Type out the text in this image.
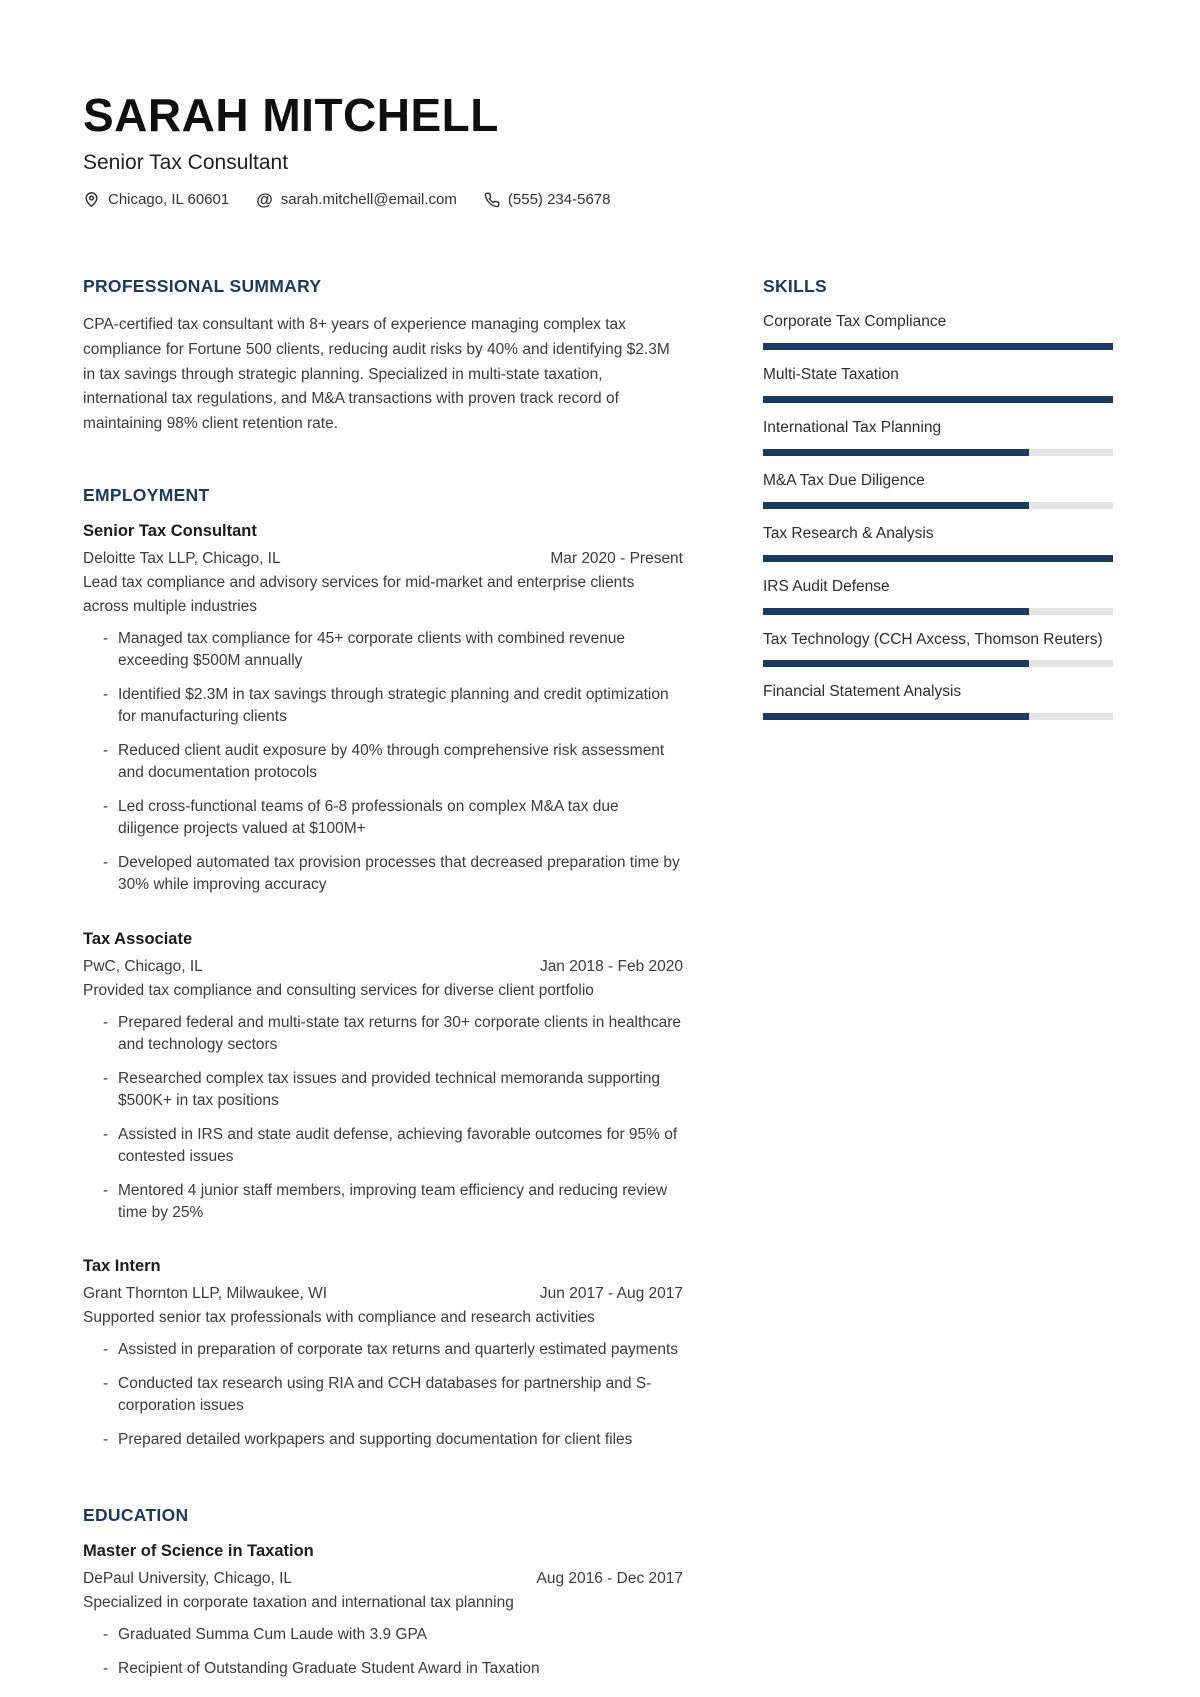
SARAH MITCHELL
Senior Tax Consultant
Chicago, IL 60601 @ sarah.mitchell@email.com	(555) 234-5678
PROFESSIONAL SUMMARY

CPA-certified tax consultant with 8+ years of experience managing complex tax compliance for Fortune 500 clients, reducing audit risks by 40% and identifying $2.3M in tax savings through strategic planning. Specialized in multi-state taxation, international tax regulations, and M&A transactions with proven track record of maintaining 98% client retention rate.

EMPLOYMENT
Senior Tax Consultant
Deloitte Tax LLP, Chicago, IL	Mar 2020 - Present
Lead tax compliance and advisory services for mid-market and enterprise clients across multiple industries
- Managed tax compliance for 45+ corporate clients with combined revenue exceeding $500M annually
- Identified $2.3M in tax savings through strategic planning and credit optimization for manufacturing clients
- Reduced client audit exposure by 40% through comprehensive risk assessment and documentation protocols
- Led cross-functional teams of 6-8 professionals on complex M&A tax due diligence projects valued at $100M+
- Developed automated tax provision processes that decreased preparation time by 30% while improving accuracy
Tax Associate
PwC, Chicago, IL	Jan 2018 - Feb 2020
Provided tax compliance and consulting services for diverse client portfolio
- Prepared federal and multi-state tax returns for 30+ corporate clients in healthcare and technology sectors
- Researched complex tax issues and provided technical memoranda supporting $500K+ in tax positions
- Assisted in IRS and state audit defense, achieving favorable outcomes for 95% of contested issues
- Mentored 4 junior staff members, improving team efficiency and reducing review time by 25%
Tax Intern
Grant Thornton LLP, Milwaukee, WI	Jun 2017 - Aug 2017
Supported senior tax professionals with compliance and research activities
- Assisted in preparation of corporate tax returns and quarterly estimated payments
- Conducted tax research using RIA and CCH databases for partnership and S-corporation issues
- Prepared detailed workpapers and supporting documentation for client files
EDUCATION
Master of Science in Taxation
DePaul University, Chicago, IL	Aug 2016 - Dec 2017
Specialized in corporate taxation and international tax planning
- Graduated Summa Cum Laude with 3.9 GPA
- Recipient of Outstanding Graduate Student Award in Taxation
SKILLS
Corporate Tax Compliance
Multi-State Taxation
International Tax Planning
M&A Tax Due Diligence
Tax Research & Analysis
IRS Audit Defense
Tax Technology (CCH Axcess, Thomson Reuters)
Financial Statement Analysis
